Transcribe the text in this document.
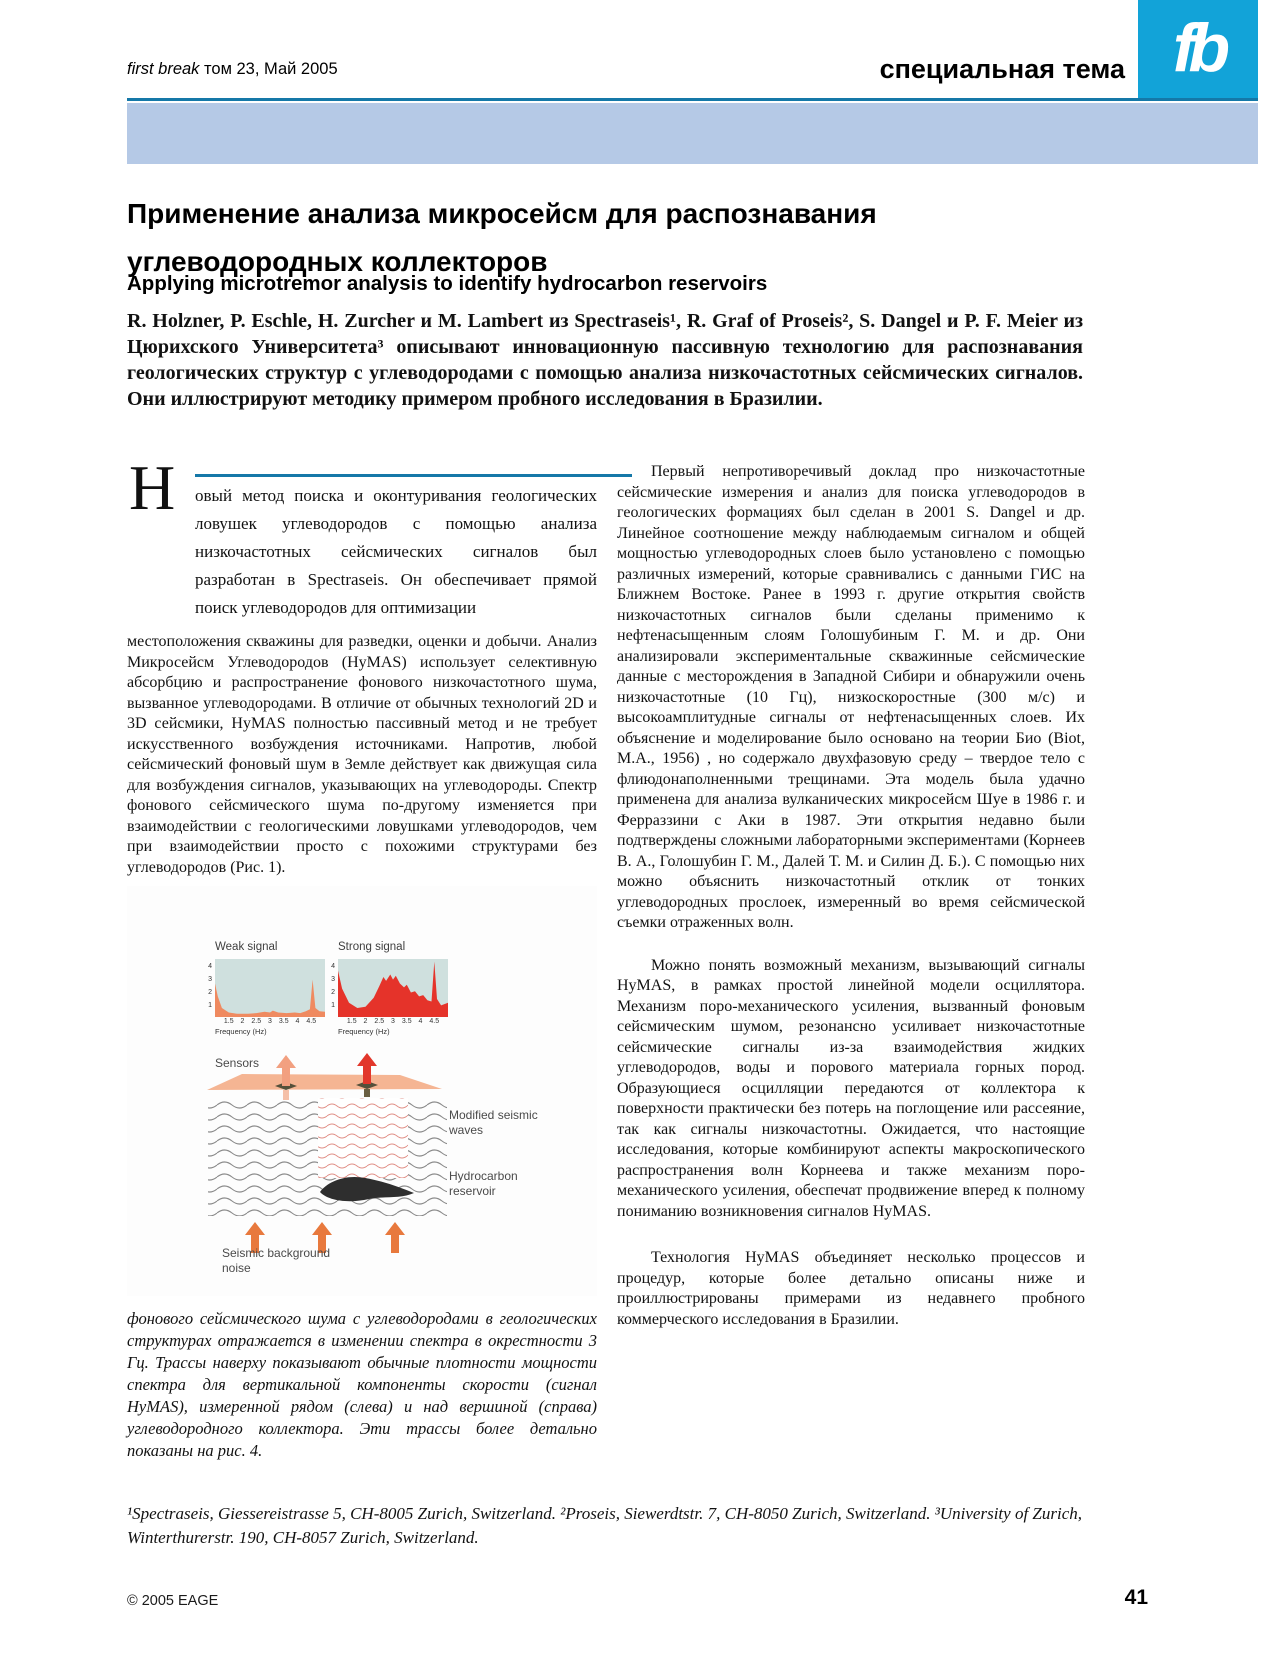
first break том 23, Май 2005	специальная тема fb
Применение анализа микросейсм для распознавания
углеводородных коллекторов
Applying microtremor analysis to identify hydrocarbon reservoirs
R. Holzner, P. Eschle, H. Zurcher и M. Lambert из Spectraseis¹, R. Graf of Proseis², S. Dangel и P. F. Meier из Цюрихского Университета³ описывают инновационную пассивную технологию для распознавания геологических структур с углеводородами с помощью анализа низкочастотных сейсмических сигналов. Они иллюстрируют методику примером пробного исследования в Бразилии.
Н овый метод поиска и оконтуривания геологических ловушек углеводородов с помощью анализа низкочастотных сейсмических сигналов был разработан в Spectraseis. Он обеспечивает прямой поиск углеводородов для оптимизации
местоположения скважины для разведки, оценки и добычи. Анализ Микросейсм Углеводородов (HyMAS) использует селективную абсорбцию и распространение фонового низкочастотного шума, вызванное углеводородами. В отличие от обычных технологий 2D и 3D сейсмики, HyMAS полностью пассивный метод и не требует искусственного возбуждения источниками. Напротив, любой сейсмический фоновый шум в Земле действует как движущая сила для возбуждения сигналов, указывающих на углеводороды. Спектр фонового сейсмического шума по-другому изменяется при взаимодействии с геологическими ловушками углеводородов, чем при взаимодействии просто с похожими структурами без углеводородов (Рис. 1).
Weak signal
1
2
3
4
1.5 2 2.5 3 3.5 4 4.5
Frequency (Hz)
Strong signal
1
2
3
4
1.5 2 2.5 3 3.5 4 4.5
Frequency (Hz)
Sensors
Modified seismic waves
Hydrocarbon reservoir
Seismic background noise
фонового сейсмического шума с углеводородами в геологических структурах отражается в изменении спектра в окрестности 3 Гц. Трассы наверху показывают обычные плотности мощности спектра для вертикальной компоненты скорости (сигнал HyMAS), измеренной рядом (слева) и над вершиной (справа) углеводородного коллектора. Эти трассы более детально показаны на рис. 4.
Первый непротиворечивый доклад про низкочастотные сейсмические измерения и анализ для поиска углеводородов в геологических формациях был сделан в 2001 S. Dangel и др. Линейное соотношение между наблюдаемым сигналом и общей мощностью углеводородных слоев было установлено с помощью различных измерений, которые сравнивались с данными ГИС на Ближнем Востоке. Ранее в 1993 г. другие открытия свойств низкочастотных сигналов были сделаны применимо к нефтенасыщенным слоям Голошубиным Г. М. и др. Они анализировали экспериментальные скважинные сейсмические данные с месторождения в Западной Сибири и обнаружили очень низкочастотные (10 Гц), низкоскоростные (300 м/с) и высокоамплитудные сигналы от нефтенасыщенных слоев. Их объяснение и моделирование было основано на теории Био (Biot, M.A., 1956) , но содержало двухфазовую среду – твердое тело с флиюдонаполненными трещинами. Эта модель была удачно применена для анализа вулканических микросейсм Шуе в 1986 г. и Ферраззини с Аки в 1987. Эти открытия недавно были подтверждены сложными лабораторными экспериментами (Корнеев В. А., Голошубин Г. М., Далей Т. М. и Силин Д. Б.). С помощью них можно объяснить низкочастотный отклик от тонких углеводородных прослоек, измеренный во время сейсмической съемки отраженных волн.
Можно понять возможный механизм, вызывающий сигналы HyMAS, в рамках простой линейной модели осциллятора. Механизм поро-механического усиления, вызванный фоновым сейсмическим шумом, резонансно усиливает низкочастотные сейсмические сигналы из-за взаимодействия жидких углеводородов, воды и порового материала горных пород. Образующиеся осцилляции передаются от коллектора к поверхности практически без потерь на поглощение или рассеяние, так как сигналы низкочастотны. Ожидается, что настоящие исследования, которые комбинируют аспекты макроскопического распространения волн Корнеева и также механизм поро-механического усиления, обеспечат продвижение вперед к полному пониманию возникновения сигналов HyMAS.
Технология HyMAS объединяет несколько процессов и процедур, которые более детально описаны ниже и проиллюстрированы примерами из недавнего пробного коммерческого исследования в Бразилии.
¹Spectraseis, Giessereistrasse 5, CH-8005 Zurich, Switzerland. ²Proseis, Siewerdtstr. 7, CH-8050 Zurich, Switzerland. ³University of Zurich, Winterthurerstr. 190, CH-8057 Zurich, Switzerland.
© 2005 EAGE	41
